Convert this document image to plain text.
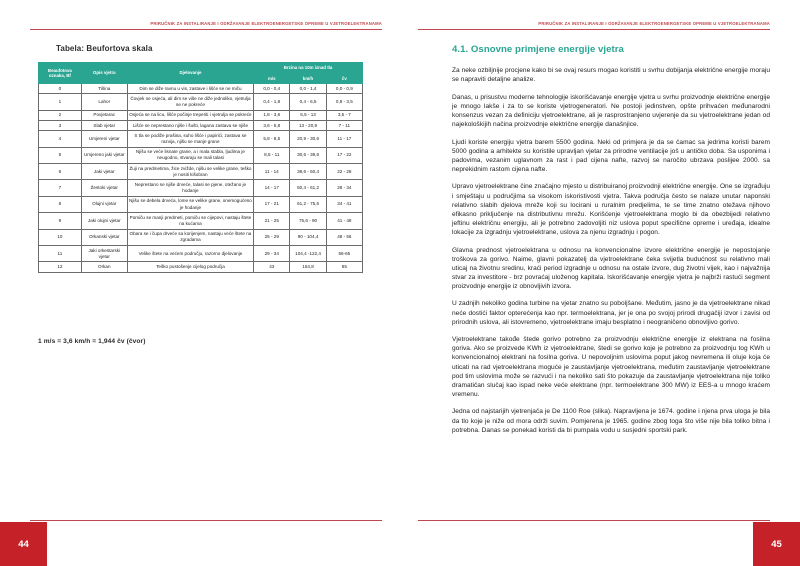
PRIRUČNIK ZA INSTALIRANJE I ODRŽAVANJE ELEKTROENERGETSKE OPREME U VJETROELEKTRANAMA
Tabela: Beufortova skala
Beaufotova oznaka, Bf	Opis vjetra	Djelovanje	Brzina na 10m iznad tla		
			m/s	km/h	čv
0	Tišina	Dim se diže ravnu u vis, zastave i lišće se ne miču	0,0 - 0,4	0,0 - 1,4	0,0 - 0,9
1	Lahor	Čovjek ne osjeća, ali dim se više ne diže jednoliko, vjetrulja se ne pokreće	0,4 - 1,8	0,4 - 6,5	0,9 - 3,5
2	Povjetarac	Osjeća se na licu, lišće počinje treperiti i vjetrulja se pokreće	1,8 - 3,6	6,5 - 13	3,5 - 7
3	Slab vjetar	Lišće se neprestano njiše i šušti, lagana zastava se njiše	3,6 - 5,8	13 - 20,9	7 - 11
4	Umjereni vjetar	S tla se podiže prašina, suho lišće i papirići, zastava se razvija, njišu se manje grane	5,8 - 8,5	20,9 - 30,6	11 - 17
5	Umjereno jaki vjetar	Njišu se veće lisnate grane, a i mala stabla, ljudima je neugodno, stvaraju se mali talasi	8,5 - 11	30,6 - 39,6	17 - 22
6	Jaki vjetar	Žuji na predmetima, žice zvižde, njišu se velike grane, teško je nositi kišobran	11 - 14	39,6 - 50,4	22 - 28
7	Žestoki vjetar	Neprestano se njiše drveće, talasi se pjene, otežano je hodanje	14 - 17	50,4 - 61,2	28 - 34
8	Olujni vjetar	Njišu se debela drveća, lome se velike grane, onemogućeno je hodanje	17 - 21	61,2 - 75,6	34 - 41
9	Jaki olujni vjetar	Pomiču se manji predmeti, pomiču se cijepovi, nastaju štete na kućama	21 - 25	75,6 - 90	41 - 48
10	Orkanski vjetar	Obara se i čupa drveće sa korijenjem, nastaju veće štete na zgradama	25 - 29	90 - 104,4	48 - 56
11	Jaki orkestarski vjetar	Velike štete na većem području, razorno djelovanje	29 - 34	104,4 -122,4	56-65
12	Orkan	Teško pustošenje cijelog područja	43	154,8	65
1 m/s = 3,6 km/h = 1,944 čv (čvor)
44
PRIRUČNIK ZA INSTALIRANJE I ODRŽAVANJE ELEKTROENERGETSKE OPREME U VJETROELEKTRANAMA
4.1. Osnovne primjene energije vjetra

Za neke ozbiljnije procjene kako bi se ovaj resurs mogao koristiti u svrhu dobijanja električne energije moraju se napraviti detaljne analize.

Danas, u prisustvu moderne tehnologije iskorišćavanje energije vjetra u svrhu proizvodnje električne energije je mnogo lakše i za to se koriste vjetrogeneratori. Ne postoji jedinstven, opšte prihvaćen međunarodni konsenzus vezan za definiciju vjetroelektrane, ali je rasprostranjeno uvjerenje da su vjetroelektrane jedan od najekološkijih načina proizvodnje električne energije današnjice.

Ljudi koriste energiju vjetra barem 5500 godina. Neki od primjera je da se čamac sa jedrima koristi barem 5000 godina a arhitekte su koristile upravljan vjetar za prirodne ventilacije još u antičko doba. Sa usponima i padovima, vezanim uglavnom za rast i pad cijena nafte, razvoj se naročito ubrzava poslijee 2000. sa neprekidnim rastom cijena nafte.

Upravo vjetroelektrane čine značajno mjesto u distribuiranoj proizvodnji električne energije. One se izgrađuju i smještaju u područjima sa visokom iskoristivosti vjetra. Takva područja često se nalaze unutar naponski relativno slabih djelova mreže koji su locirani u ruralnim predjelima, te se time znatno otežava njihovo efikasno priključenje na distributivnu mrežu. Korišćenje vjetroelektrana moglo bi da obezbijedi relativno jeftinu električnu energiju, ali je potrebno zadovoljiti niz uslova poput specifične opreme i uređaja, idealne lokacije za izgradnju vjetroelektrane, uslova za njenu izgradnju i pogon.

Glavna prednost vjetroelektrana u odnosu na konvencionalne izvore električne energije je nepostojanje troškova za gorivo. Naime, glavni pokazatelj da vjetroelektrane čeka svijetla budućnost su relativno mali uticaj na životnu sredinu, kraći period izgradnje u odnosu na ostale izvore, dug životni vijek, kao i najvažnija stvar za investitore - brz povraćaj uloženog kapitala. Iskorišćavanje energije vjetra je najbrži rastući segment proizvodnje energije iz obnovljivih izvora.

U zadnjih nekoliko godina turbine na vjetar znatno su poboljšane. Međutim, jasno je da vjetroelektrane nikad neće dostići faktor opterećenja kao npr. termoelektrana, jer je ona po svojoj prirodi drugačiji izvor i zavisi od prirodnih uslova, ali istovremeno, vjetroelektrane imaju besplatno i neograničeno obnovljivo gorivo.

Vjetroelektrane takođe štede gorivo potrebno za proizvodnju električne energije iz elektrana na fosilna goriva. Ako se proizvede KWh iz vjetroelektrane, štedi se gorivo koje je potrebno za proizvodnju tog KWh u konvencionalnoj elektrani na fosilna goriva. U nepovoljnim uslovima poput jakog nevremena ili oluje koja će uticati na rad vjetroelektrana moguće je zaustavljanje vjetroelektrana, međutim zaustavljanje vjetroelektrane pod tim uslovima može se razvući i na nekoliko sati što pokazuje da zaustavljanje vjetroelektrana nije toliko dramatičan slučaj kao ispad neke veće elektrane (npr. termoelektrane 300 MW) iz EES-a u mnogo kraćem vremenu.

Jedna od najstarijih vjetrenjača je De 1100 Roe (slika). Napravljena je 1674. godine i njena prva uloga je bila da tlo koje je niže od mora održi suvim. Pomjerena je 1965. godine zbog toga što više nije bila toliko bitna i potrebna. Danas se ponekad koristi da bi pumpala vodu u susjedni sportski park.

45
